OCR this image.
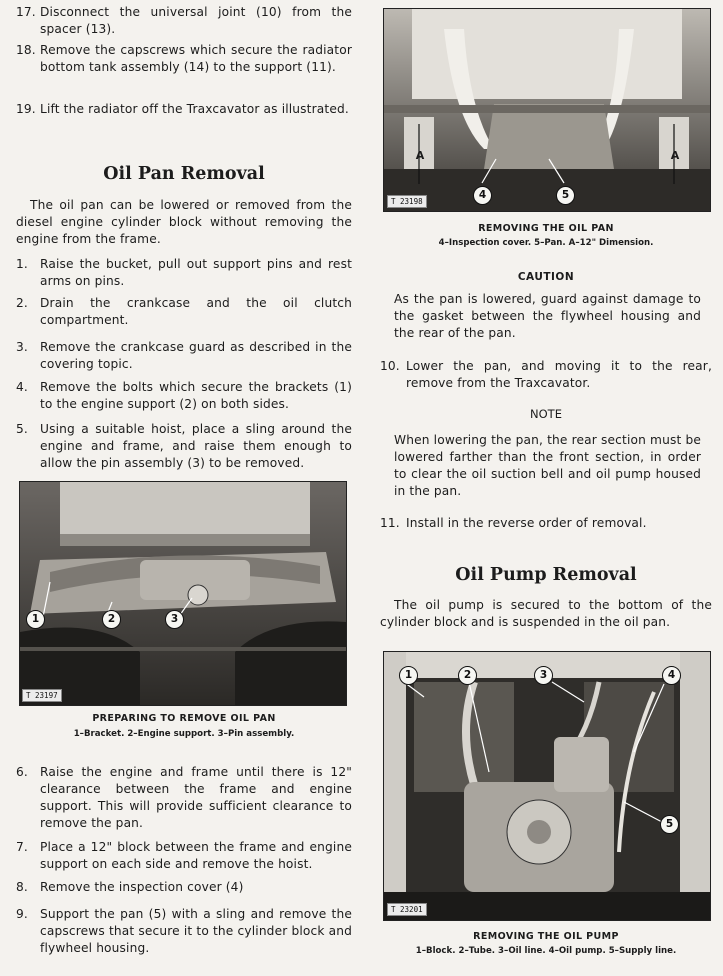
17. Disconnect the universal joint (10) from the spacer (13).
18. Remove the capscrews which secure the radiator bottom tank assembly (14) to the support (11).
19. Lift the radiator off the Traxcavator as illustrated.
Oil Pan Removal
The oil pan can be lowered or removed from the diesel engine cylinder block without removing the engine from the frame.
1. Raise the bucket, pull out support pins and rest arms on pins.
2. Drain the crankcase and the oil clutch compartment.
3. Remove the crankcase guard as described in the covering topic.
4. Remove the bolts which secure the brackets (1) to the engine support (2) on both sides.
5. Using a suitable hoist, place a sling around the engine and frame, and raise them enough to allow the pin assembly (3) to be removed.
1	2	3
T 23197
PREPARING TO REMOVE OIL PAN
1–Bracket. 2–Engine support. 3–Pin assembly.
6. Raise the engine and frame until there is 12" clearance between the frame and engine support. This will provide sufficient clearance to remove the pan.
7. Place a 12" block between the frame and engine support on each side and remove the hoist.
8. Remove the inspection cover (4)
9. Support the pan (5) with a sling and remove the capscrews that secure it to the cylinder block and flywheel housing.
A	A
4	5
T 23198
REMOVING THE OIL PAN
4–Inspection cover. 5–Pan. A–12" Dimension.
CAUTION
As the pan is lowered, guard against damage to the gasket between the flywheel housing and the rear of the pan.
10. Lower the pan, and moving it to the rear, remove from the Traxcavator.
NOTE
When lowering the pan, the rear section must be lowered farther than the front section, in order to clear the oil suction bell and oil pump housed in the pan.
11. Install in the reverse order of removal.
Oil Pump Removal
The oil pump is secured to the bottom of the cylinder block and is suspended in the oil pan.
1	2	3	4
5
T 23201
REMOVING THE OIL PUMP
1–Block. 2–Tube. 3–Oil line. 4–Oil pump. 5–Supply line.
